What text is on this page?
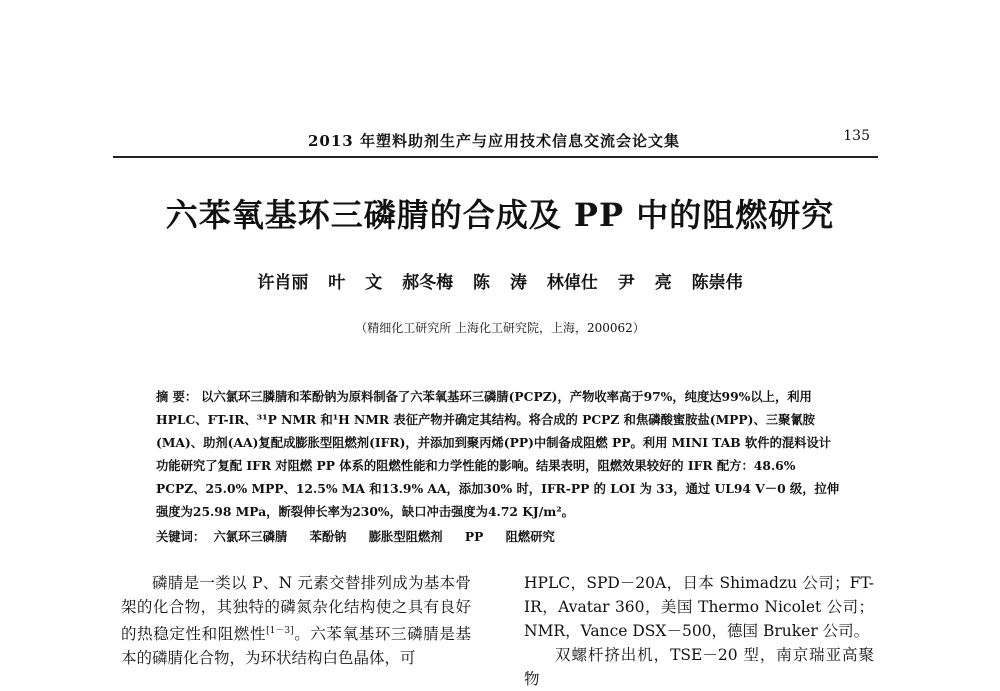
2013 年塑料助剂生产与应用技术信息交流会论文集	135
六苯氧基环三磷腈的合成及 PP 中的阻燃研究
许肖丽 叶 文 郝冬梅 陈 涛 林倬仕 尹 亮 陈崇伟
（精细化工研究所 上海化工研究院，上海，200062）
摘 要： 以六氯环三膦腈和苯酚钠为原料制备了六苯氧基环三磷腈(PCPZ)，产物收率高于97%，纯度达99%以上，利用 HPLC、FT-IR、³¹P NMR 和¹H NMR 表征产物并确定其结构。将合成的 PCPZ 和焦磷酸蜜胺盐(MPP)、三聚氰胺(MA)、助剂(AA)复配成膨胀型阻燃剂(IFR)，并添加到聚丙烯(PP)中制备成阻燃 PP。利用 MINI TAB 软件的混料设计功能研究了复配 IFR 对阻燃 PP 体系的阻燃性能和力学性能的影响。结果表明，阻燃效果较好的 IFR 配方：48.6% PCPZ、25.0% MPP、12.5% MA 和13.9% AA，添加30% 时，IFR-PP 的 LOI 为 33，通过 UL94 V－0 级，拉伸强度为25.98 MPa，断裂伸长率为230%，缺口冲击强度为4.72 KJ/m²。
关键词： 六氯环三磷腈 苯酚钠 膨胀型阻燃剂 PP 阻燃研究
磷腈是一类以 P、N 元素交替排列成为基本骨架的化合物，其独特的磷氮杂化结构使之具有良好的热稳定性和阻燃性[1－3]。六苯氧基环三磷腈是基本的磷腈化合物，为环状结构白色晶体，可

HPLC，SPD－20A，日本 Shimadzu 公司；FT-IR，Avatar 360，美国 Thermo Nicolet 公司；NMR，Vance DSX－500，德国 Bruker 公司。

双螺杆挤出机，TSE－20 型，南京瑞亚高聚物
